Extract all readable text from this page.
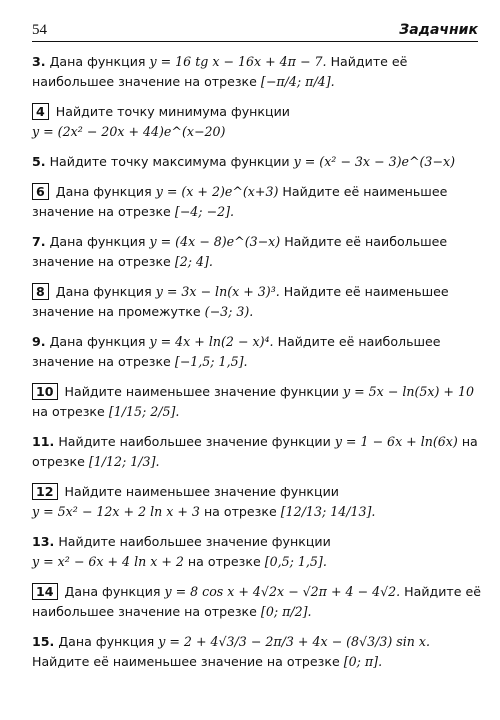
54	Задачник
3. Дана функция y = 16 tg x − 16x + 4π − 7. Найдите её наибольшее значение на отрезке [−π/4; π/4].
4 Найдите точку минимума функции y = (2x² − 20x + 44)e^(x−20)
5. Найдите точку максимума функции y = (x² − 3x − 3)e^(3−x)
6 Дана функция y = (x + 2)e^(x+3) Найдите её наименьшее значение на отрезке [−4; −2].
7. Дана функция y = (4x − 8)e^(3−x) Найдите её наибольшее значение на отрезке [2; 4].
8 Дана функция y = 3x − ln(x + 3)³. Найдите её наименьшее значение на промежутке (−3; 3).
9. Дана функция y = 4x + ln(2 − x)⁴. Найдите её наибольшее значение на отрезке [−1,5; 1,5].
10 Найдите наименьшее значение функции y = 5x − ln(5x) + 10 на отрезке [1/15; 2/5].
11. Найдите наибольшее значение функции y = 1 − 6x + ln(6x) на отрезке [1/12; 1/3].
12 Найдите наименьшее значение функции y = 5x² − 12x + 2 ln x + 3 на отрезке [12/13; 14/13].
13. Найдите наибольшее значение функции y = x² − 6x + 4 ln x + 2 на отрезке [0,5; 1,5].
14 Дана функция y = 8 cos x + 4√2x − √2π + 4 − 4√2. Найдите её наибольшее значение на отрезке [0; π/2].
15. Дана функция y = 2 + 4√3/3 − 2π/3 + 4x − (8√3/3) sin x. Найдите её наименьшее значение на отрезке [0; π].
